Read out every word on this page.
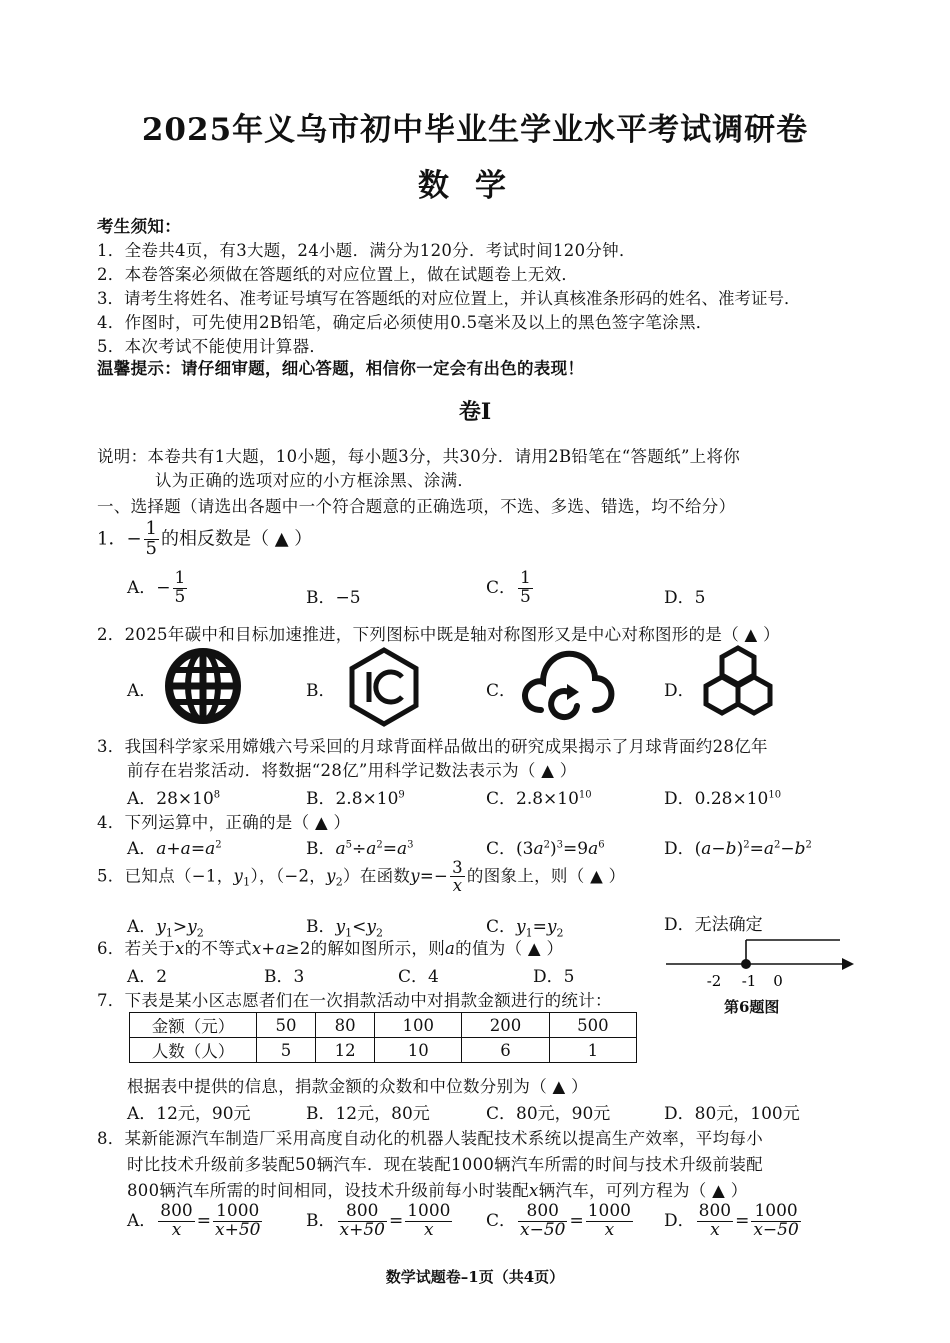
2025年义乌市初中毕业生学业水平考试调研卷
数学
考生须知：
1．全卷共4页，有3大题，24小题．满分为120分．考试时间120分钟．
2．本卷答案必须做在答题纸的对应位置上，做在试题卷上无效．
3．请考生将姓名、准考证号填写在答题纸的对应位置上，并认真核准条形码的姓名、准考证号．
4．作图时，可先使用2B铅笔，确定后必须使用0.5毫米及以上的黑色签字笔涂黑．
5．本次考试不能使用计算器．
温馨提示：请仔细审题，细心答题，相信你一定会有出色的表现！
卷Ⅰ
说明：本卷共有1大题，10小题，每小题3分，共30分．请用2B铅笔在“答题纸”上将你
认为正确的选项对应的小方框涂黑、涂满．
一、选择题（请选出各题中一个符合题意的正确选项，不选、多选、错选，均不给分）
1．− $\frac{1}{5}$ 的相反数是（ ▲ ）
A．− $\frac{1}{5}$	B．−5
C． $\frac{1}{5}$	D．5
2．2025年碳中和目标加速推进，下列图标中既是轴对称图形又是中心对称图形的是（ ▲ ）
A．	B．	C．	D．
3．我国科学家采用嫦娥六号采回的月球背面样品做出的研究成果揭示了月球背面约28亿年
前存在岩浆活动．将数据“28亿”用科学记数法表示为（ ▲ ）
A．$28\times 10^8$	B．$2.8\times 10^9$	C．$2.8\times 10^{10}$	D．$0.28\times 10^{10}$
4．下列运算中，正确的是（ ▲ ）
A．$a+a=a^2$	B．$a^5\div a^2=a^3$	C．$(3a^2)^3=9a^6$	D．$(a-b)^2=a^2-b^2$
5．已知点（−1，$y_1$），（−2，$y_2$）在函数$y=- \frac{3}{x}$ 的图象上，则（ ▲ ）
A．$y_1>y_2$	B．$y_1<y_2$	C．$y_1=y_2$	D．无法确定
6．若关于x的不等式x+a≥2的解如图所示，则a的值为（ ▲ ）
A．2	B．3	C．4	D．5	-2 -1 0
第6题图
7．下表是某小区志愿者们在一次捐款活动中对捐款金额进行的统计：
金额（元）	50	80	100	200	500
人数（人）	5	12	10	6	1
根据表中提供的信息，捐款金额的众数和中位数分别为（ ▲ ）
A．12元，90元	B．12元，80元	C．80元，90元	D．80元，100元
8．某新能源汽车制造厂采用高度自动化的机器人装配技术系统以提高生产效率，平均每小
时比技术升级前多装配50辆汽车．现在装配1000辆汽车所需的时间与技术升级前装配
800辆汽车所需的时间相同，设技术升级前每小时装配x辆汽车，可列方程为（ ▲ ）
A． $\frac{800}{x} = \frac{1000}{x+50}$	B． $\frac{800}{x+50} = \frac{1000}{x}$ C． $\frac{800}{x-50} = \frac{1000}{x}$ D． $\frac{800}{x} = \frac{1000}{x-50}$
数学试题卷–1页（共4页）
